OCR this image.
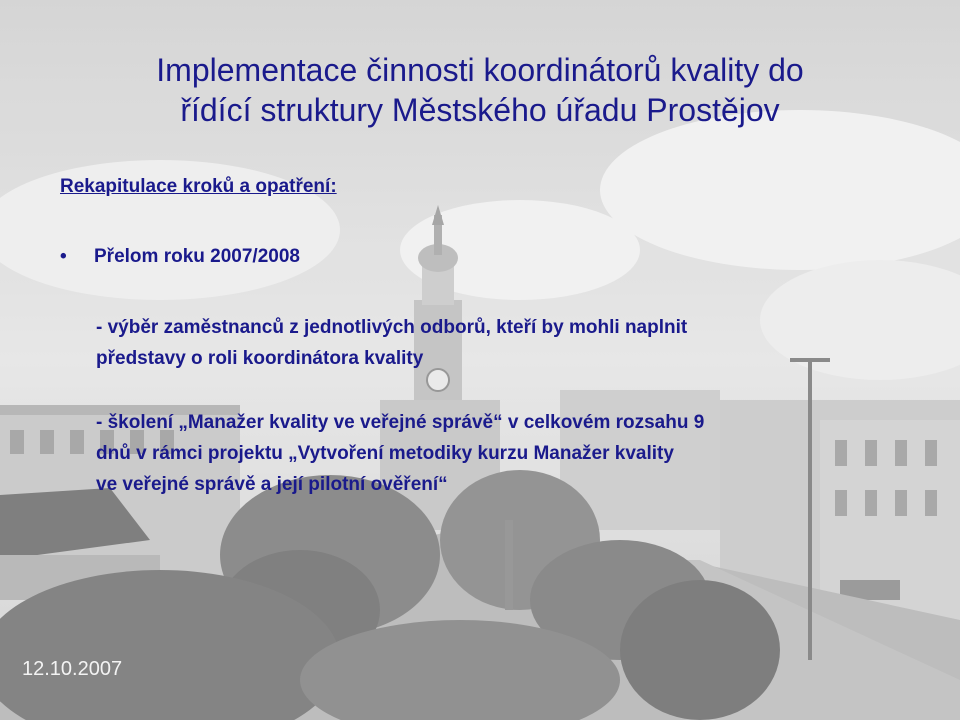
Implementace činnosti koordinátorů kvality do
řídící struktury Městského úřadu Prostějov
Rekapitulace kroků a opatření:
• Přelom roku 2007/2008
- výběr zaměstnanců z jednotlivých odborů, kteří by mohli naplnit
představy o roli koordinátora kvality
- školení „Manažer kvality ve veřejné správě“ v celkovém rozsahu 9
dnů v rámci projektu „Vytvoření metodiky kurzu Manažer kvality
ve veřejné správě a její pilotní ověření“
12.10.2007
